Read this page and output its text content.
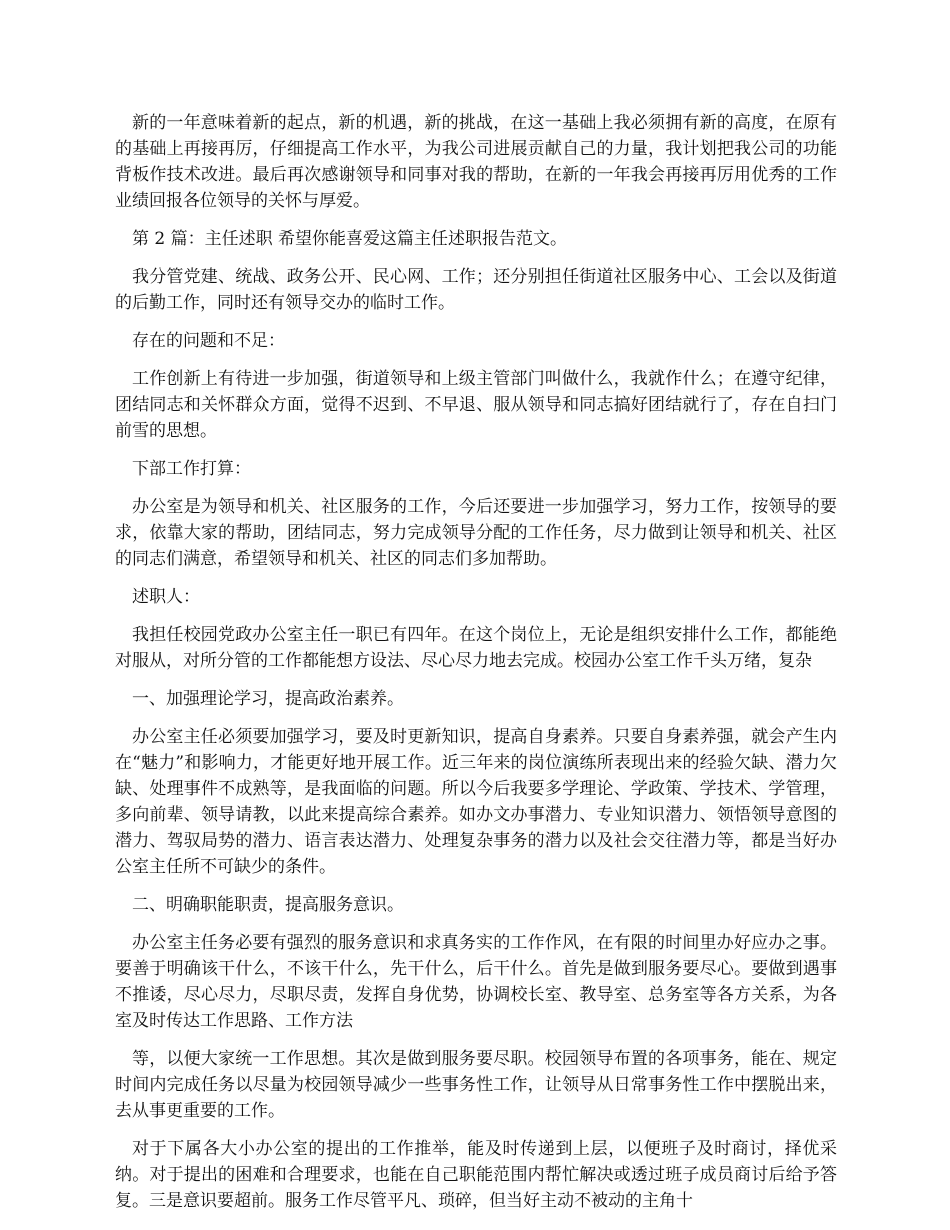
新的一年意味着新的起点，新的机遇，新的挑战，在这一基础上我必须拥有新的高度，在原有的基础上再接再厉，仔细提高工作水平，为我公司进展贡献自己的力量，我计划把我公司的功能背板作技术改进。最后再次感谢领导和同事对我的帮助，在新的一年我会再接再厉用优秀的工作业绩回报各位领导的关怀与厚爱。

第 2 篇：主任述职 希望你能喜爱这篇主任述职报告范文。

我分管党建、统战、政务公开、民心网、工作；还分别担任街道社区服务中心、工会以及街道的后勤工作，同时还有领导交办的临时工作。

存在的问题和不足：

工作创新上有待进一步加强，街道领导和上级主管部门叫做什么，我就作什么；在遵守纪律，团结同志和关怀群众方面，觉得不迟到、不早退、服从领导和同志搞好团结就行了，存在自扫门前雪的思想。

下部工作打算：

办公室是为领导和机关、社区服务的工作，今后还要进一步加强学习，努力工作，按领导的要求，依靠大家的帮助，团结同志，努力完成领导分配的工作任务，尽力做到让领导和机关、社区的同志们满意，希望领导和机关、社区的同志们多加帮助。

述职人：

我担任校园党政办公室主任一职已有四年。在这个岗位上，无论是组织安排什么工作，都能绝对服从，对所分管的工作都能想方设法、尽心尽力地去完成。校园办公室工作千头万绪，复杂

一、加强理论学习，提高政治素养。

办公室主任必须要加强学习，要及时更新知识，提高自身素养。只要自身素养强，就会产生内在“魅力”和影响力，才能更好地开展工作。近三年来的岗位演练所表现出来的经验欠缺、潜力欠缺、处理事件不成熟等，是我面临的问题。所以今后我要多学理论、学政策、学技术、学管理，多向前辈、领导请教，以此来提高综合素养。如办文办事潜力、专业知识潜力、领悟领导意图的潜力、驾驭局势的潜力、语言表达潜力、处理复杂事务的潜力以及社会交往潜力等，都是当好办公室主任所不可缺少的条件。

二、明确职能职责，提高服务意识。

办公室主任务必要有强烈的服务意识和求真务实的工作作风，在有限的时间里办好应办之事。要善于明确该干什么，不该干什么，先干什么，后干什么。首先是做到服务要尽心。要做到遇事不推诿，尽心尽力，尽职尽责，发挥自身优势，协调校长室、教导室、总务室等各方关系，为各室及时传达工作思路、工作方法

等，以便大家统一工作思想。其次是做到服务要尽职。校园领导布置的各项事务，能在、规定时间内完成任务以尽量为校园领导减少一些事务性工作，让领导从日常事务性工作中摆脱出来，去从事更重要的工作。

对于下属各大小办公室的提出的工作推举，能及时传递到上层，以便班子及时商讨，择优采纳。对于提出的困难和合理要求，也能在自己职能范围内帮忙解决或透过班子成员商讨后给予答复。三是意识要超前。服务工作尽管平凡、琐碎，但当好主动不被动的主角十
